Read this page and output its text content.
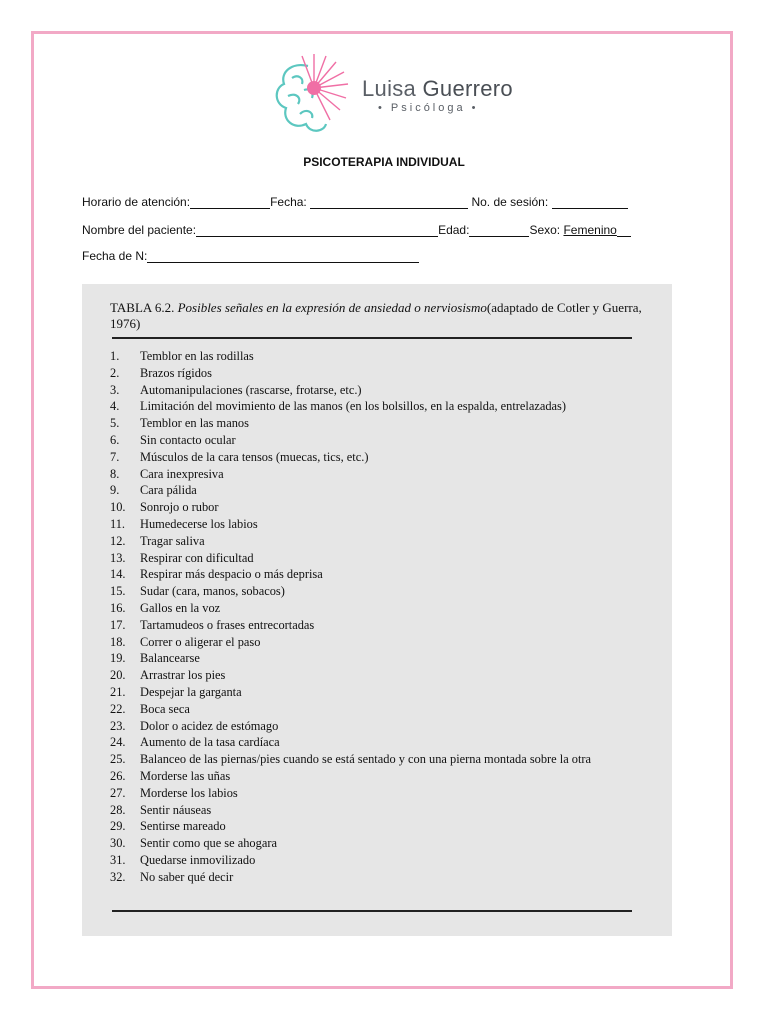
Luisa Guerrero
• Psicóloga •
PSICOTERAPIA INDIVIDUAL
Horario de atención:	Fecha:	No. de sesión:
Nombre del paciente:	Edad:	Sexo: Femenino
Fecha de N:
TABLA 6.2. Posibles señales en la expresión de ansiedad o nerviosismo(adaptado de Cotler y Guerra, 1976)
1.	Temblor en las rodillas
2.	Brazos rígidos
3.	Automanipulaciones (rascarse, frotarse, etc.)
4.	Limitación del movimiento de las manos (en los bolsillos, en la espalda, entrelazadas)
5.	Temblor en las manos
6.	Sin contacto ocular
7.	Músculos de la cara tensos (muecas, tics, etc.)
8.	Cara inexpresiva
9.	Cara pálida
10.	Sonrojo o rubor
11.	Humedecerse los labios
12.	Tragar saliva
13.	Respirar con dificultad
14.	Respirar más despacio o más deprisa
15.	Sudar (cara, manos, sobacos)
16.	Gallos en la voz
17.	Tartamudeos o frases entrecortadas
18.	Correr o aligerar el paso
19.	Balancearse
20.	Arrastrar los pies
21.	Despejar la garganta
22.	Boca seca
23.	Dolor o acidez de estómago
24.	Aumento de la tasa cardíaca
25.	Balanceo de las piernas/pies cuando se está sentado y con una pierna montada sobre la otra
26.	Morderse las uñas
27.	Morderse los labios
28.	Sentir náuseas
29.	Sentirse mareado
30.	Sentir como que se ahogara
31.	Quedarse inmovilizado
32.	No saber qué decir
